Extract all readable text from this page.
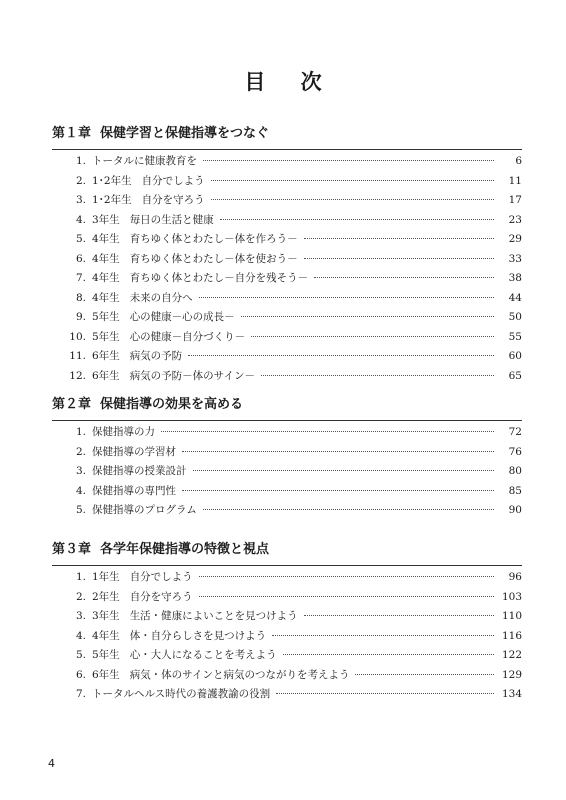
目 次
第１章 保健学習と保健指導をつなぐ
1. トータルに健康教育を	6
2. 1･2年生 自分でしよう	11
3. 1･2年生 自分を守ろう	17
4. 3年生 毎日の生活と健康	23
5. 4年生 育ちゆく体とわたし－体を作ろう－	29
6. 4年生 育ちゆく体とわたし－体を使おう－	33
7. 4年生 育ちゆく体とわたし－自分を残そう－	38
8. 4年生 未来の自分へ	44
9. 5年生 心の健康－心の成長－	50
10. 5年生 心の健康－自分づくり－	55
11. 6年生 病気の予防	60
12. 6年生 病気の予防－体のサイン－	65
第２章 保健指導の効果を高める
1. 保健指導の力	72
2. 保健指導の学習材	76
3. 保健指導の授業設計	80
4. 保健指導の専門性	85
5. 保健指導のプログラム	90
第３章 各学年保健指導の特徴と視点
1. 1年生 自分でしよう	96
2. 2年生 自分を守ろう	103
3. 3年生 生活・健康によいことを見つけよう	110
4. 4年生 体・自分らしさを見つけよう	116
5. 5年生 心・大人になることを考えよう	122
6. 6年生 病気・体のサインと病気のつながりを考えよう	129
7. トータルヘルス時代の養護教諭の役割	134
4
